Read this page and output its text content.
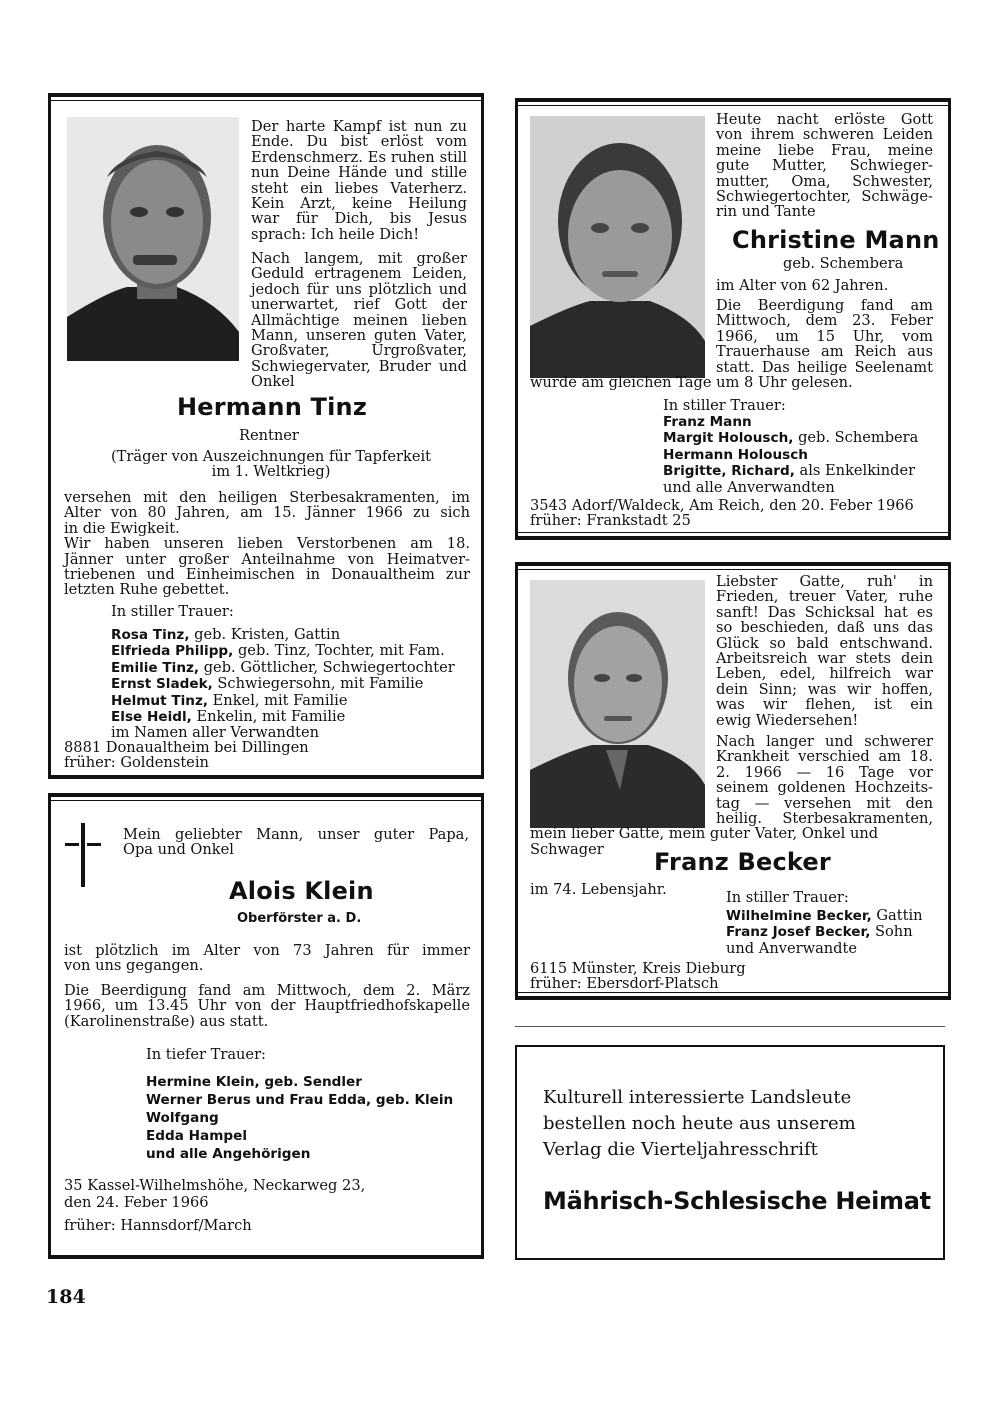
Der harte Kampf ist nun zu
Ende. Du bist erlöst vom
Erdenschmerz. Es ruhen still
nun Deine Hände und stille
steht ein liebes Vaterherz.
Kein Arzt, keine Heilung
war für Dich, bis Jesus
sprach: Ich heile Dich!
Nach langem, mit großer
Geduld ertragenem Leiden,
jedoch für uns plötzlich und
unerwartet, rief Gott der
Allmächtige meinen lieben
Mann, unseren guten Vater,
Großvater, Urgroßvater,
Schwiegervater, Bruder und
Onkel
Hermann Tinz
Rentner
(Träger von Auszeichnungen für Tapferkeit
im 1. Weltkrieg)
versehen mit den heiligen Sterbesakramenten, im
Alter von 80 Jahren, am 15. Jänner 1966 zu sich
in die Ewigkeit.
Wir haben unseren lieben Verstorbenen am 18.
Jänner unter großer Anteilnahme von Heimatver-
triebenen und Einheimischen in Donaualtheim zur
letzten Ruhe gebettet.
In stiller Trauer:
Rosa Tinz, geb. Kristen, Gattin
Elfrieda Philipp, geb. Tinz, Tochter, mit Fam.
Emilie Tinz, geb. Göttlicher, Schwiegertochter
Ernst Sladek, Schwiegersohn, mit Familie
Helmut Tinz, Enkel, mit Familie
Else Heidl, Enkelin, mit Familie
im Namen aller Verwandten
8881 Donaualtheim bei Dillingen
früher: Goldenstein
Heute nacht erlöste Gott
von ihrem schweren Leiden
meine liebe Frau, meine
gute Mutter, Schwieger-
mutter, Oma, Schwester,
Schwiegertochter, Schwäge-
rin und Tante
Christine Mann
geb. Schembera
im Alter von 62 Jahren.
Die Beerdigung fand am
Mittwoch, dem 23. Feber
1966, um 15 Uhr, vom
Trauerhause am Reich aus
statt. Das heilige Seelenamt
wurde am gleichen Tage um 8 Uhr gelesen.
In stiller Trauer:
Franz Mann
Margit Holousch, geb. Schembera
Hermann Holousch
Brigitte, Richard, als Enkelkinder
und alle Anverwandten
3543 Adorf/Waldeck, Am Reich, den 20. Feber 1966
früher: Frankstadt 25
Liebster Gatte, ruh' in
Frieden, treuer Vater, ruhe
sanft! Das Schicksal hat es
so beschieden, daß uns das
Glück so bald entschwand.
Arbeitsreich war stets dein
Leben, edel, hilfreich war
dein Sinn; was wir hoffen,
was wir flehen, ist ein
ewig Wiedersehen!
Nach langer und schwerer
Krankheit verschied am 18.
2. 1966 — 16 Tage vor
seinem goldenen Hochzeits-
tag — versehen mit den
heilig. Sterbesakramenten,
mein lieber Gatte, mein guter Vater, Onkel und
Schwager Franz Becker
im 74. Lebensjahr.	In stiller Trauer:
Wilhelmine Becker, Gattin
Franz Josef Becker, Sohn
und Anverwandte
6115 Münster, Kreis Dieburg
früher: Ebersdorf-Platsch
Mein geliebter Mann, unser guter Papa,
Opa und Onkel
Alois Klein
Oberförster a. D.
ist plötzlich im Alter von 73 Jahren für immer
von uns gegangen.
Die Beerdigung fand am Mittwoch, dem 2. März
1966, um 13.45 Uhr von der Hauptfriedhofskapelle
(Karolinenstraße) aus statt.
In tiefer Trauer:
Hermine Klein, geb. Sendler
Werner Berus und Frau Edda, geb. Klein
Wolfgang
Edda Hampel
und alle Angehörigen
35 Kassel-Wilhelmshöhe, Neckarweg 23,
den 24. Feber 1966
früher: Hannsdorf/March
Kulturell interessierte Landsleute
bestellen noch heute aus unserem
Verlag die Vierteljahresschrift
Mährisch-Schlesische Heimat
184
